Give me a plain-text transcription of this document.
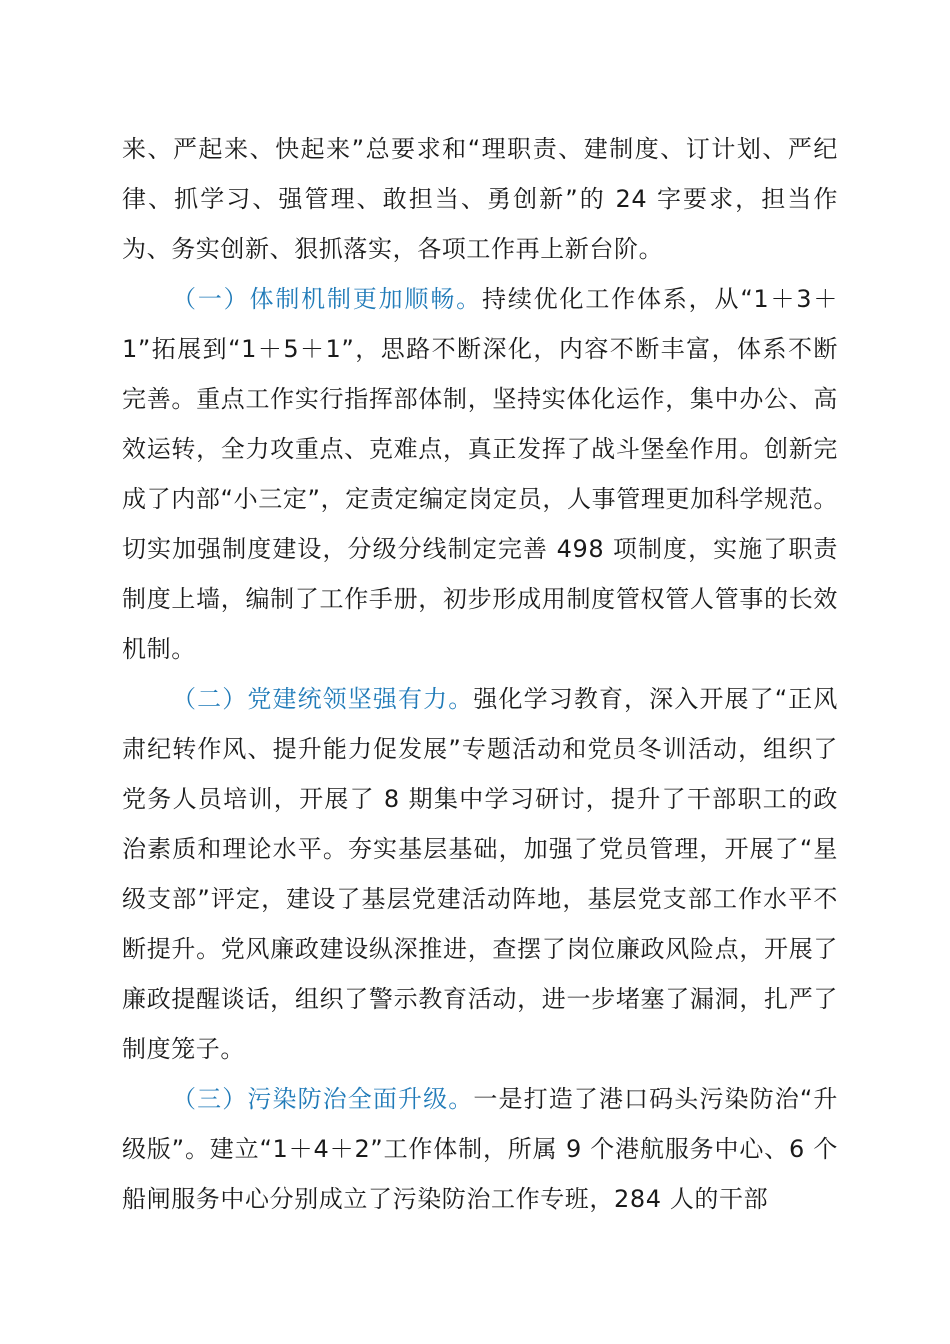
来、严起来、快起来”总要求和“理职责、建制度、订计划、严纪律、抓学习、强管理、敢担当、勇创新”的 24 字要求，担当作为、务实创新、狠抓落实，各项工作再上新台阶。

（一）体制机制更加顺畅。持续优化工作体系，从“1＋3＋1”拓展到“1＋5＋1”，思路不断深化，内容不断丰富，体系不断完善。重点工作实行指挥部体制，坚持实体化运作，集中办公、高效运转，全力攻重点、克难点，真正发挥了战斗堡垒作用。创新完成了内部“小三定”，定责定编定岗定员，人事管理更加科学规范。切实加强制度建设，分级分线制定完善 498 项制度，实施了职责制度上墙，编制了工作手册，初步形成用制度管权管人管事的长效机制。

（二）党建统领坚强有力。强化学习教育，深入开展了“正风肃纪转作风、提升能力促发展”专题活动和党员冬训活动，组织了党务人员培训，开展了 8 期集中学习研讨，提升了干部职工的政治素质和理论水平。夯实基层基础，加强了党员管理，开展了“星级支部”评定，建设了基层党建活动阵地，基层党支部工作水平不断提升。党风廉政建设纵深推进，查摆了岗位廉政风险点，开展了廉政提醒谈话，组织了警示教育活动，进一步堵塞了漏洞，扎严了制度笼子。

（三）污染防治全面升级。一是打造了港口码头污染防治“升级版”。建立“1＋4＋2”工作体制，所属 9 个港航服务中心、6 个船闸服务中心分别成立了污染防治工作专班，284 人的干部
